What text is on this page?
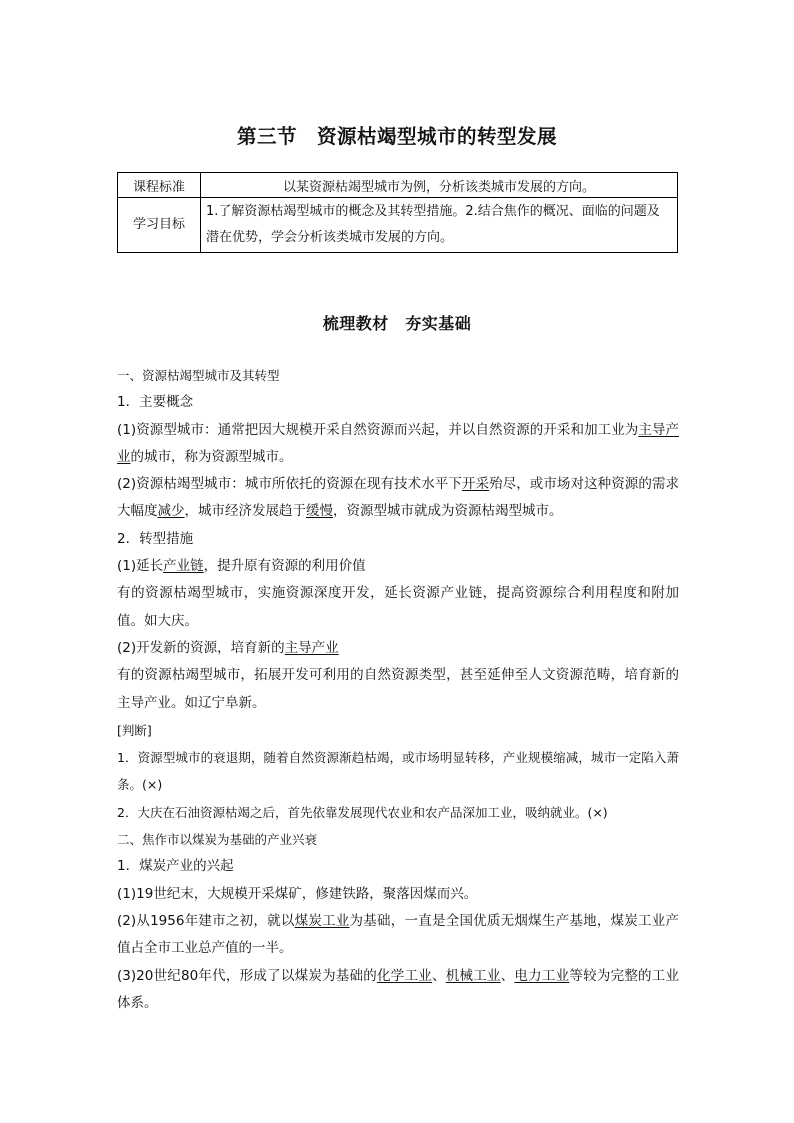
第三节　资源枯竭型城市的转型发展
课程标准	以某资源枯竭型城市为例，分析该类城市发展的方向。
学习目标	1.了解资源枯竭型城市的概念及其转型措施。2.结合焦作的概况、面临的问题及潜在优势，学会分析该类城市发展的方向。
梳理教材　夯实基础

一、资源枯竭型城市及其转型

1．主要概念

(1)资源型城市：通常把因大规模开采自然资源而兴起，并以自然资源的开采和加工业为主导产业的城市，称为资源型城市。

(2)资源枯竭型城市：城市所依托的资源在现有技术水平下开采殆尽，或市场对这种资源的需求大幅度减少，城市经济发展趋于缓慢，资源型城市就成为资源枯竭型城市。

2．转型措施

(1)延长产业链，提升原有资源的利用价值

有的资源枯竭型城市，实施资源深度开发，延长资源产业链，提高资源综合利用程度和附加值。如大庆。

(2)开发新的资源，培育新的主导产业

有的资源枯竭型城市，拓展开发可利用的自然资源类型，甚至延伸至人文资源范畴，培育新的主导产业。如辽宁阜新。

[判断]

1．资源型城市的衰退期，随着自然资源渐趋枯竭，或市场明显转移，产业规模缩减，城市一定陷入萧条。(×)

2．大庆在石油资源枯竭之后，首先依靠发展现代农业和农产品深加工业，吸纳就业。(×)

二、焦作市以煤炭为基础的产业兴衰

1．煤炭产业的兴起

(1)19世纪末，大规模开采煤矿，修建铁路，聚落因煤而兴。

(2)从1956年建市之初，就以煤炭工业为基础，一直是全国优质无烟煤生产基地，煤炭工业产值占全市工业总产值的一半。

(3)20世纪80年代，形成了以煤炭为基础的化学工业、机械工业、电力工业等较为完整的工业体系。
